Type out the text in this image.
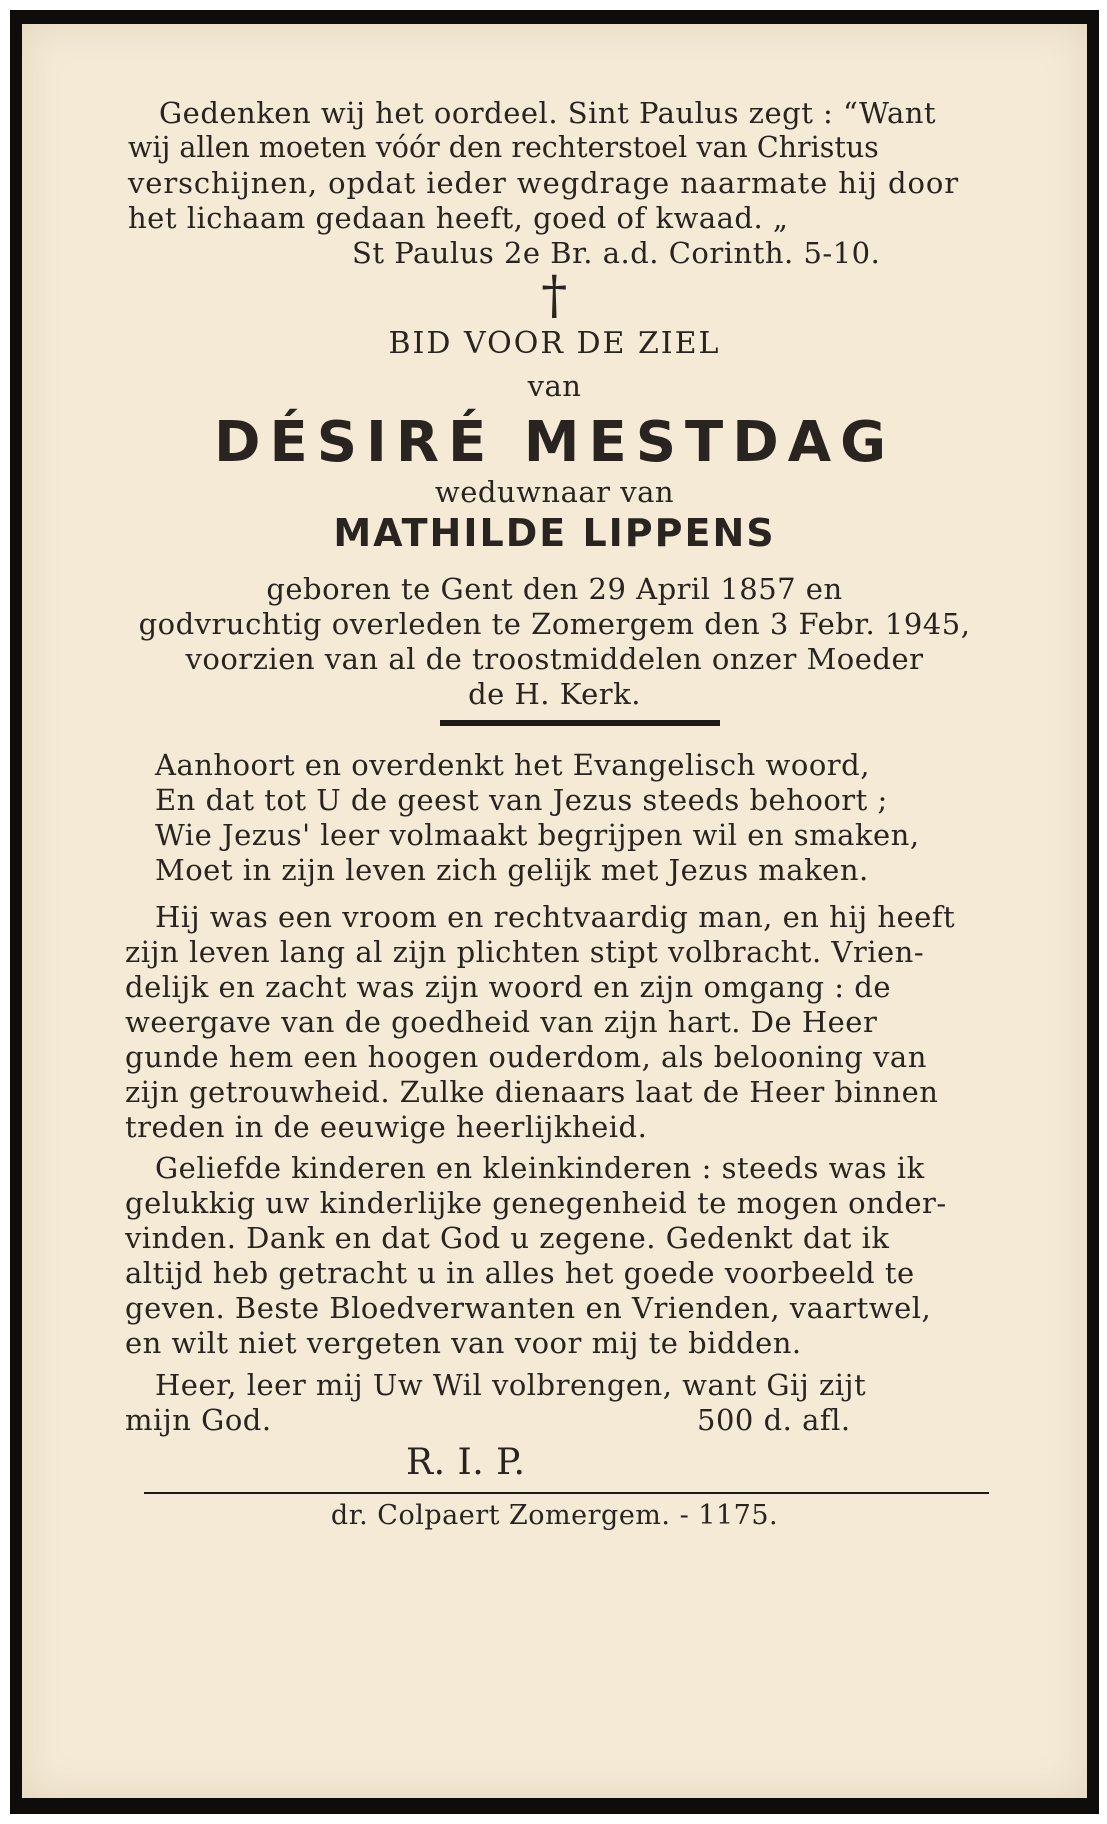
Gedenken wij het oordeel. Sint Paulus zegt : “Want
wij allen moeten vóór den rechterstoel van Christus
verschijnen, opdat ieder wegdrage naarmate hij door
het lichaam gedaan heeft, goed of kwaad. „
St Paulus 2e Br. a.d. Corinth. 5-10.
†
BID VOOR DE ZIEL
van
DÉSIRÉ MESTDAG
weduwnaar van
MATHILDE LIPPENS
geboren te Gent den 29 April 1857 en
godvruchtig overleden te Zomergem den 3 Febr. 1945,
voorzien van al de troostmiddelen onzer Moeder
de H. Kerk.
Aanhoort en overdenkt het Evangelisch woord,
En dat tot U de geest van Jezus steeds behoort ;
Wie Jezus' leer volmaakt begrijpen wil en smaken,
Moet in zijn leven zich gelijk met Jezus maken.
Hij was een vroom en rechtvaardig man, en hij heeft
zijn leven lang al zijn plichten stipt volbracht. Vrien-
delijk en zacht was zijn woord en zijn omgang : de
weergave van de goedheid van zijn hart. De Heer
gunde hem een hoogen ouderdom, als belooning van
zijn getrouwheid. Zulke dienaars laat de Heer binnen
treden in de eeuwige heerlijkheid.
Geliefde kinderen en kleinkinderen : steeds was ik
gelukkig uw kinderlijke genegenheid te mogen onder-
vinden. Dank en dat God u zegene. Gedenkt dat ik
altijd heb getracht u in alles het goede voorbeeld te
geven. Beste Bloedverwanten en Vrienden, vaartwel,
en wilt niet vergeten van voor mij te bidden.
Heer, leer mij Uw Wil volbrengen, want Gij zijt
mijn God.	500 d. afl.
R. I. P.
dr. Colpaert Zomergem. - 1175.
